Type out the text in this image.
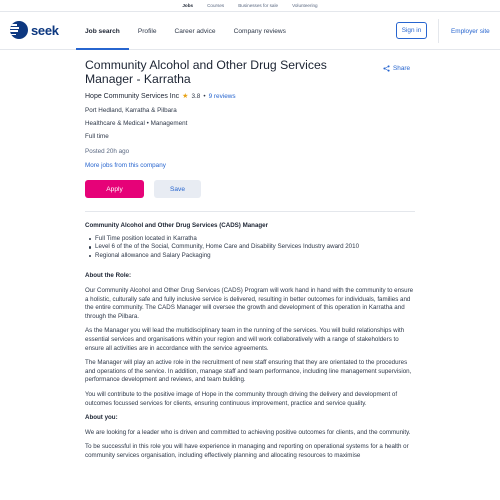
Jobs	Courses	Businesses for sale	Volunteering
seek	Job search	Profile	Career advice	Company reviews	Sign in	Employer site
Community Alcohol and Other Drug Services Manager - Karratha
Share
Hope Community Services Inc ★ 3.8 • 9 reviews
Port Hedland, Karratha & Pilbara
Healthcare & Medical • Management
Full time
Posted 20h ago
More jobs from this company
Apply	Save
Community Alcohol and Other Drug Services (CADS) Manager
Full Time position located in Karratha
Level 6 of the of the Social, Community, Home Care and Disability Services Industry award 2010
Regional allowance and Salary Packaging
About the Role:

Our Community Alcohol and Other Drug Services (CADS) Program will work hand in hand with the community to ensure a holistic, culturally safe and fully inclusive service is delivered, resulting in better outcomes for individuals, families and the entire community. The CADS Manager will oversee the growth and development of this operation in Karratha and through the Pilbara.

As the Manager you will lead the multidisciplinary team in the running of the services. You will build relationships with essential services and organisations within your region and will work collaboratively with a range of stakeholders to ensure all activities are in accordance with the service agreements.

The Manager will play an active role in the recruitment of new staff ensuring that they are orientated to the procedures and operations of the service. In addition, manage staff and team performance, including line management supervision, performance development and reviews, and team building.

You will contribute to the positive image of Hope in the community through driving the delivery and development of outcomes focussed services for clients, ensuring continuous improvement, practice and service quality.

About you:

We are looking for a leader who is driven and committed to achieving positive outcomes for clients, and the community.

To be successful in this role you will have experience in managing and reporting on operational systems for a health or community services organisation, including effectively planning and allocating resources to maximise
